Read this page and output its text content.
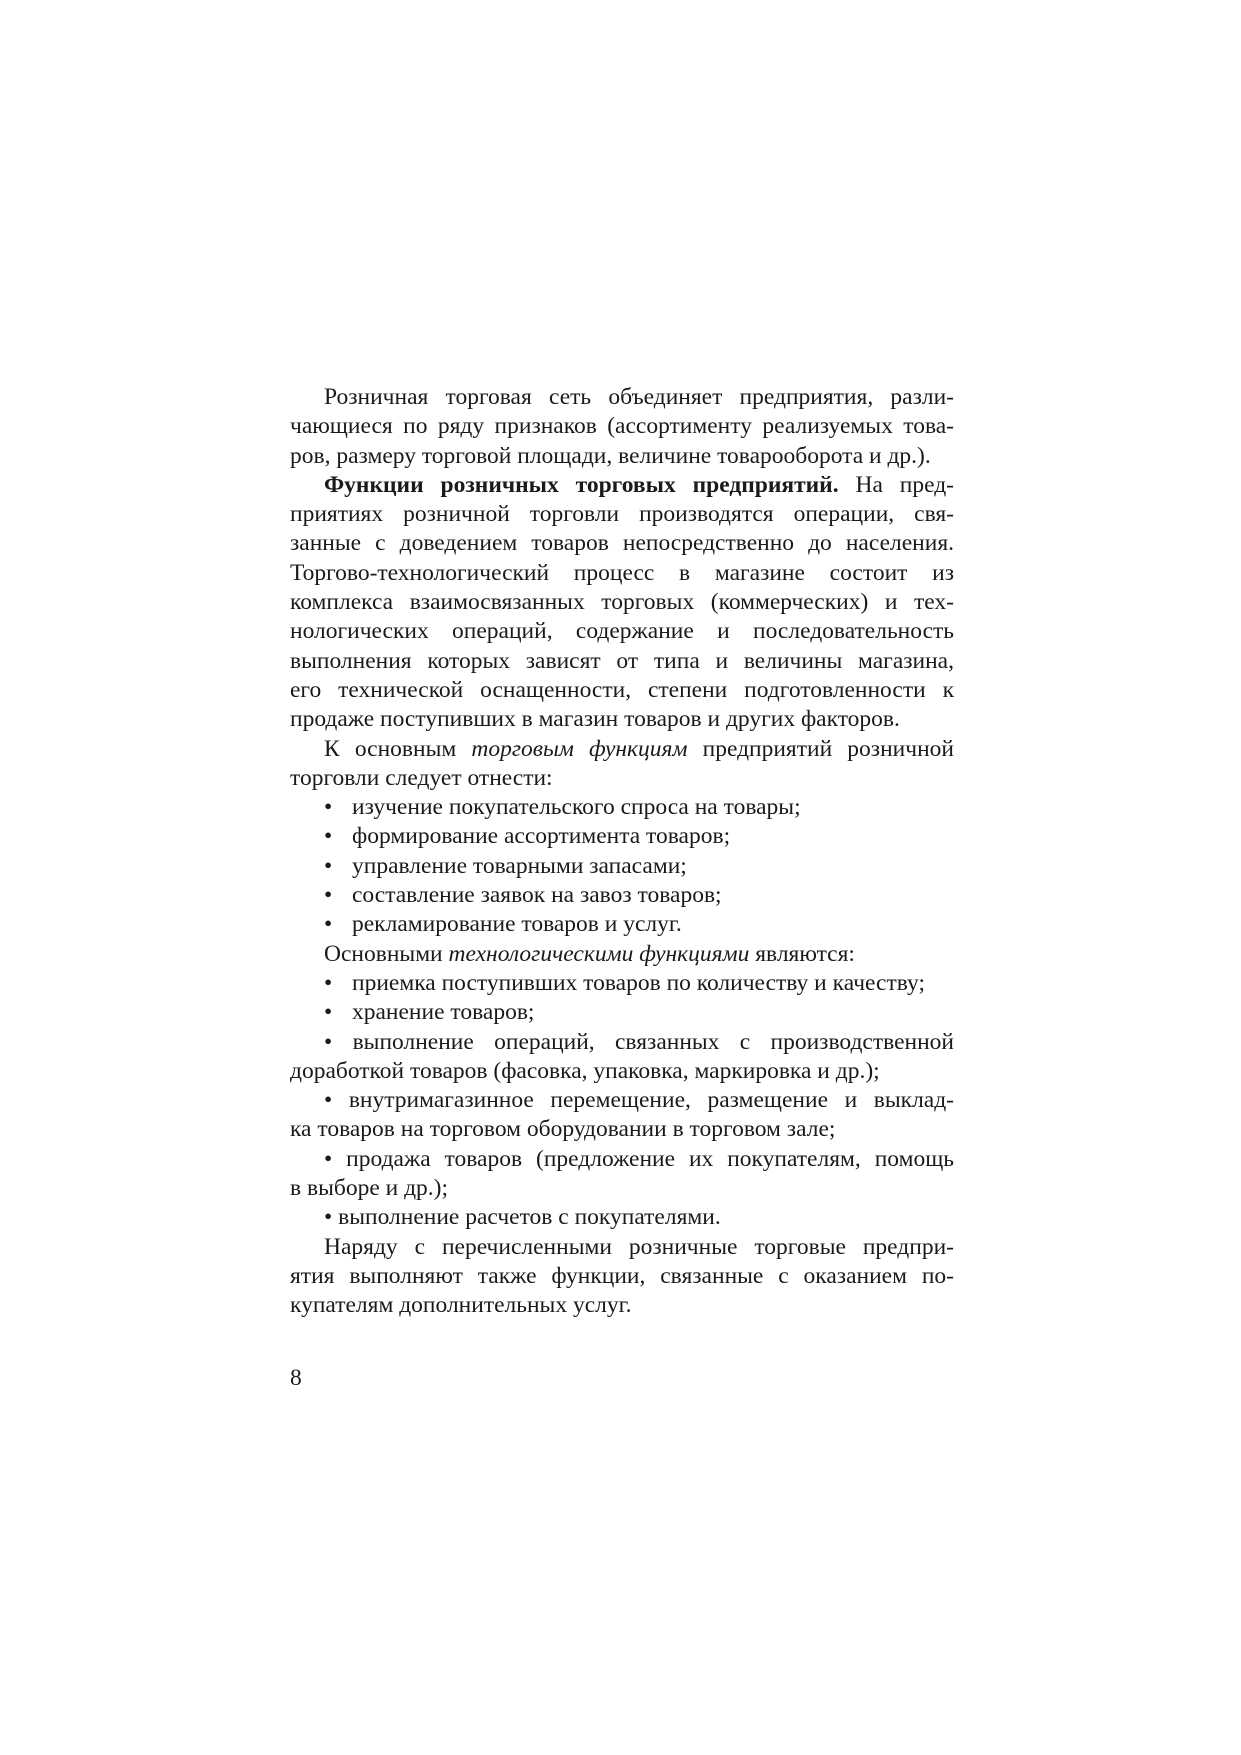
Розничная торговая сеть объединяет предприятия, разли-
чающиеся по ряду признаков (ассортименту реализуемых това-
ров, размеру торговой площади, величине товарооборота и др.).
Функции розничных торговых предприятий. На пред-
приятиях розничной торговли производятся операции, свя-
занные с доведением товаров непосредственно до населения.
Торгово-технологический процесс в магазине состоит из
комплекса взаимосвязанных торговых (коммерческих) и тех-
нологических операций, содержание и последовательность
выполнения которых зависят от типа и величины магазина,
его технической оснащенности, степени подготовленности к
продаже поступивших в магазин товаров и других факторов.
К основным торговым функциям предприятий розничной
торговли следует отнести:
• изучение покупательского спроса на товары;
• формирование ассортимента товаров;
• управление товарными запасами;
• составление заявок на завоз товаров;
• рекламирование товаров и услуг.
Основными технологическими функциями являются:
• приемка поступивших товаров по количеству и качеству;
• хранение товаров;
• выполнение операций, связанных с производственной
доработкой товаров (фасовка, упаковка, маркировка и др.);
• внутримагазинное перемещение, размещение и выклад-
ка товаров на торговом оборудовании в торговом зале;
• продажа товаров (предложение их покупателям, помощь
в выборе и др.);
• выполнение расчетов с покупателями.
Наряду с перечисленными розничные торговые предпри-
ятия выполняют также функции, связанные с оказанием по-
купателям дополнительных услуг.
8
